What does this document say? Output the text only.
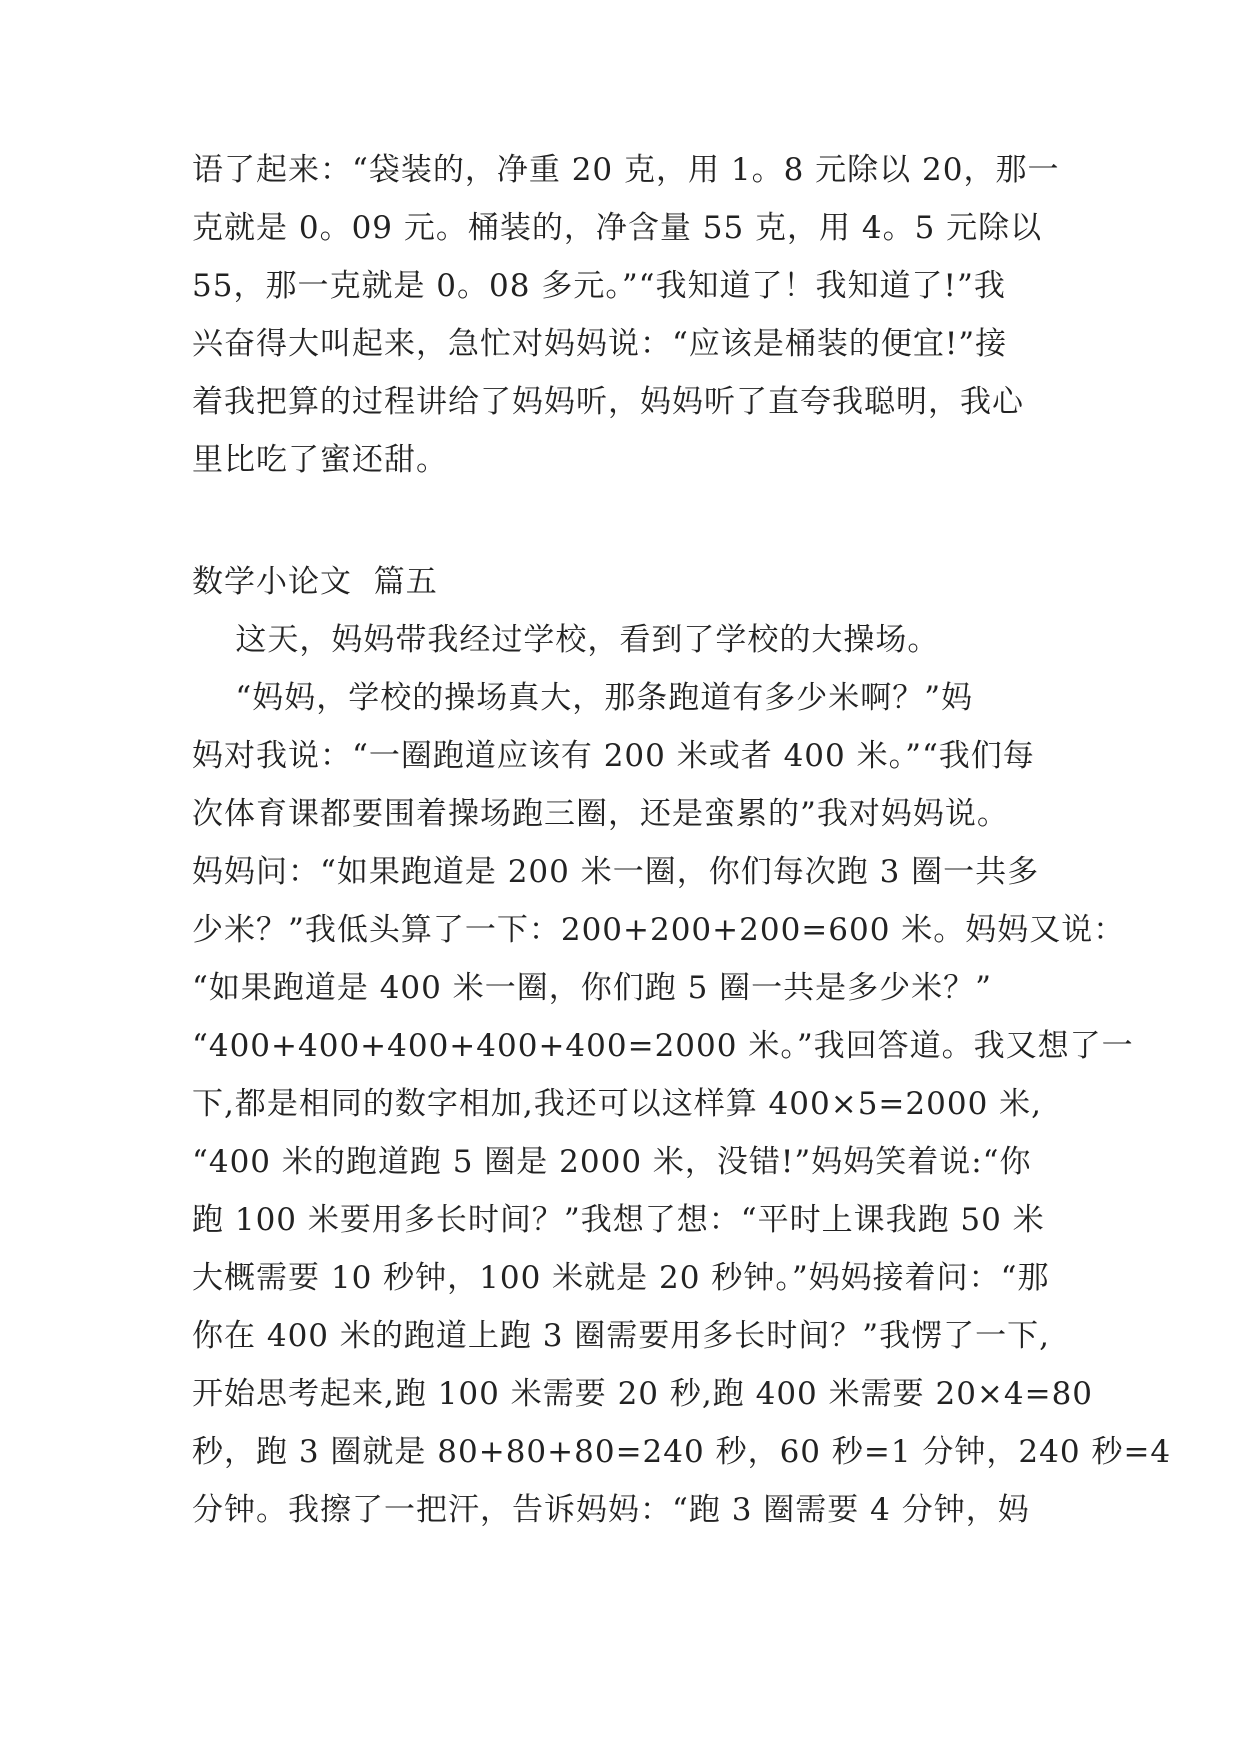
语了起来：“袋装的，净重 20 克，用 1。8 元除以 20，那一
克就是 0。09 元。桶装的，净含量 55 克，用 4。5 元除以
55，那一克就是 0。08 多元。”“我知道了！我知道了!”我
兴奋得大叫起来，急忙对妈妈说：“应该是桶装的便宜!”接
着我把算的过程讲给了妈妈听，妈妈听了直夸我聪明，我心
里比吃了蜜还甜。
数学小论文  篇五
这天，妈妈带我经过学校，看到了学校的大操场。
“妈妈，学校的操场真大，那条跑道有多少米啊？”妈
妈对我说：“一圈跑道应该有 200 米或者 400 米。”“我们每
次体育课都要围着操场跑三圈，还是蛮累的”我对妈妈说。
妈妈问：“如果跑道是 200 米一圈，你们每次跑 3 圈一共多
少米？”我低头算了一下：200+200+200=600 米。妈妈又说：
“如果跑道是 400 米一圈，你们跑 5 圈一共是多少米？”
“400+400+400+400+400=2000 米。”我回答道。我又想了一
下,都是相同的数字相加,我还可以这样算 400×5=2000 米,
“400 米的跑道跑 5 圈是 2000 米，没错!”妈妈笑着说:“你
跑 100 米要用多长时间？”我想了想：“平时上课我跑 50 米
大概需要 10 秒钟，100 米就是 20 秒钟。”妈妈接着问：“那
你在 400 米的跑道上跑 3 圈需要用多长时间？”我愣了一下,
开始思考起来,跑 100 米需要 20 秒,跑 400 米需要 20×4=80
秒，跑 3 圈就是 80+80+80=240 秒，60 秒=1 分钟，240 秒=4
分钟。我擦了一把汗，告诉妈妈：“跑 3 圈需要 4 分钟，妈
